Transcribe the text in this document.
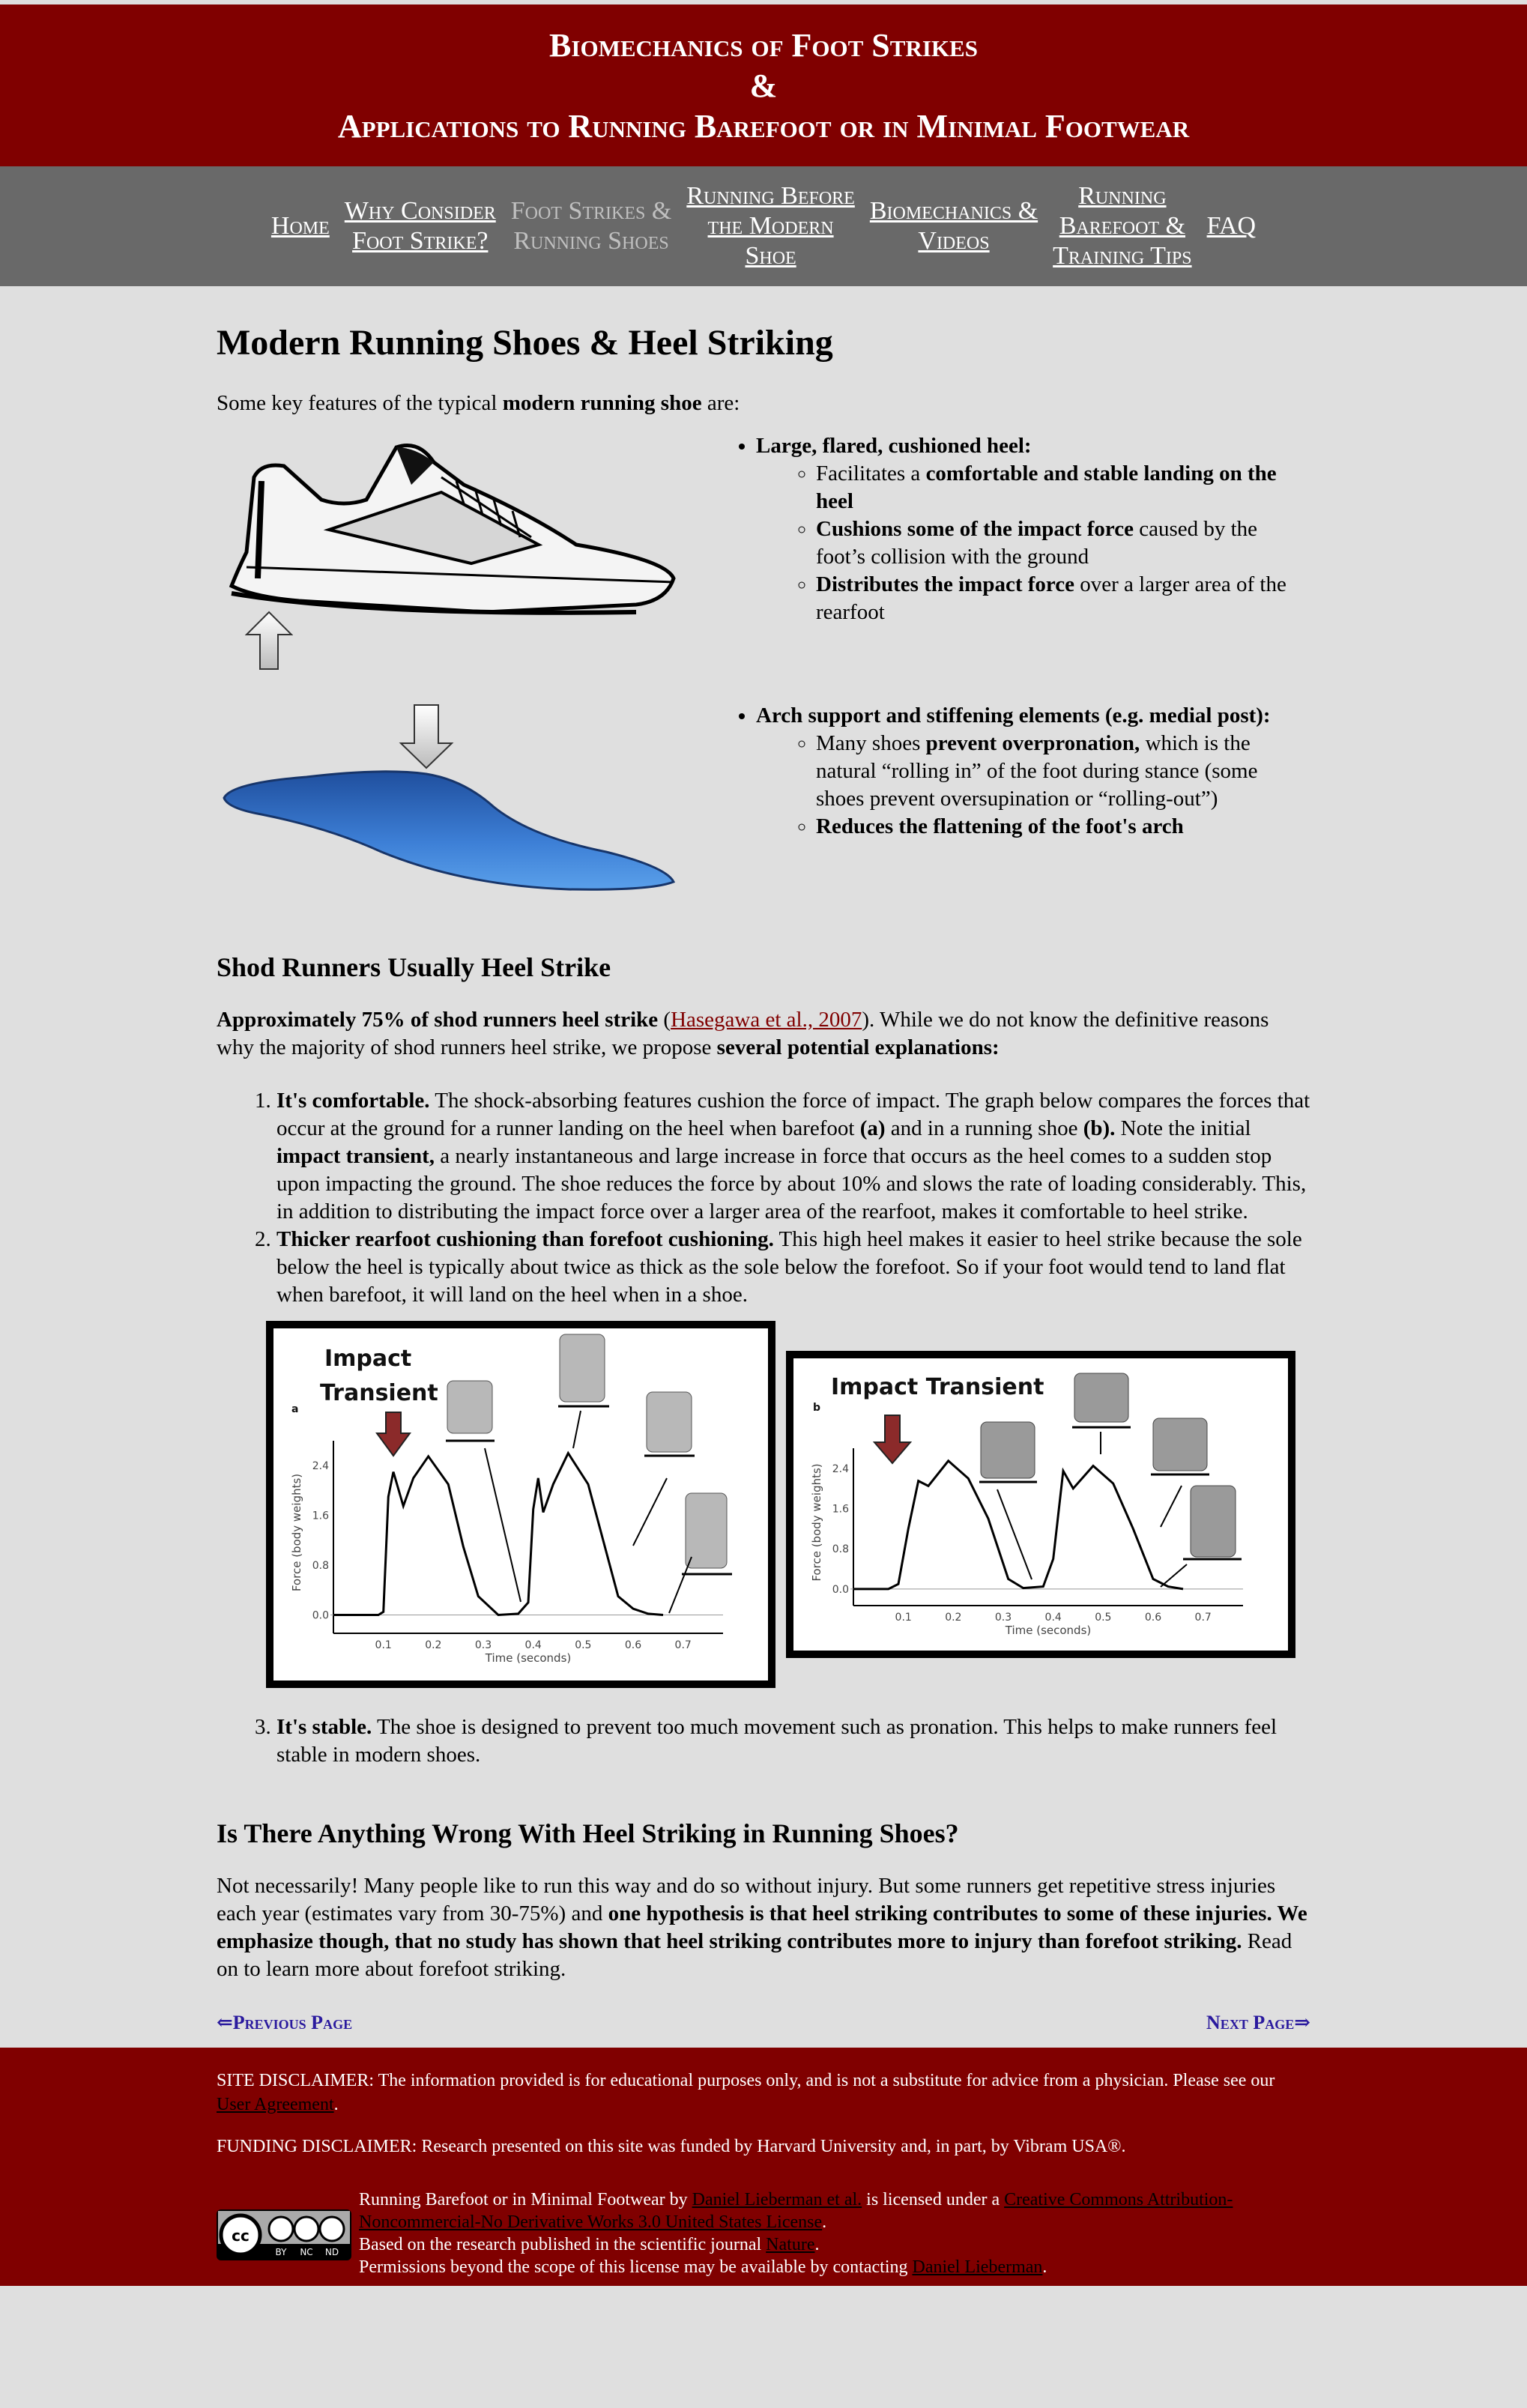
Biomechanics of Foot Strikes
&
Applications to Running Barefoot or in Minimal Footwear
Home
Why Consider
Foot Strike?
Foot Strikes &
Running Shoes
Running Before
the Modern
Shoe
Biomechanics &
Videos
Running
Barefoot &
Training Tips
FAQ
Modern Running Shoes & Heel Striking

Some key features of the typical modern running shoe are:

• Large, flared, cushioned heel:
◦ Facilitates a comfortable and stable landing on the heel
◦ Cushions some of the impact force caused by the foot’s collision with the ground
◦ Distributes the impact force over a larger area of the rearfoot
• Arch support and stiffening elements (e.g. medial post):
◦ Many shoes prevent overpronation, which is the natural “rolling in” of the foot during stance (some shoes prevent oversupination or “rolling-out”)
◦ Reduces the flattening of the foot's arch
Shod Runners Usually Heel Strike

Approximately 75% of shod runners heel strike (Hasegawa et al., 2007). While we do not know the definitive reasons why the majority of shod runners heel strike, we propose several potential explanations:

1. It's comfortable. The shock-absorbing features cushion the force of impact. The graph below compares the forces that occur at the ground for a runner landing on the heel when barefoot (a) and in a running shoe (b). Note the initial impact transient, a nearly instantaneous and large increase in force that occurs as the heel comes to a sudden stop upon impacting the ground. The shoe reduces the force by about 10% and slows the rate of loading considerably. This, in addition to distributing the impact force over a larger area of the rearfoot, makes it comfortable to heel strike.
2. Thicker rearfoot cushioning than forefoot cushioning. This high heel makes it easier to heel strike because the sole below the heel is typically about twice as thick as the sole below the forefoot. So if your foot would tend to land flat when barefoot, it will land on the heel when in a shoe.
Impact
Transient
a
0.0
0.8
1.6
2.4
0.1	0.2	0.3	0.4	0.5	0.6	0.7
Time (seconds)
Force (body weights)
Impact Transient
b
0.0
0.8
1.6
2.4
0.1	0.2	0.3	0.4	0.5	0.6	0.7
Time (seconds)
Force (body weights)
3. It's stable. The shoe is designed to prevent too much movement such as pronation. This helps to make runners feel stable in modern shoes.
Is There Anything Wrong With Heel Striking in Running Shoes?

Not necessarily! Many people like to run this way and do so without injury. But some runners get repetitive stress injuries each year (estimates vary from 30-75%) and one hypothesis is that heel striking contributes to some of these injuries. We emphasize though, that no study has shown that heel striking contributes more to injury than forefoot striking. Read on to learn more about forefoot striking.

⇐Previous Page	Next Page⇒

SITE DISCLAIMER: The information provided is for educational purposes only, and is not a substitute for advice from a physician. Please see our User Agreement.

FUNDING DISCLAIMER: Research presented on this site was funded by Harvard University and, in part, by Vibram USA®.

cc
BY NC ND
Running Barefoot or in Minimal Footwear by Daniel Lieberman et al. is licensed under a Creative Commons Attribution-Noncommercial-No Derivative Works 3.0 United States License.
Based on the research published in the scientific journal Nature.
Permissions beyond the scope of this license may be available by contacting Daniel Lieberman.
